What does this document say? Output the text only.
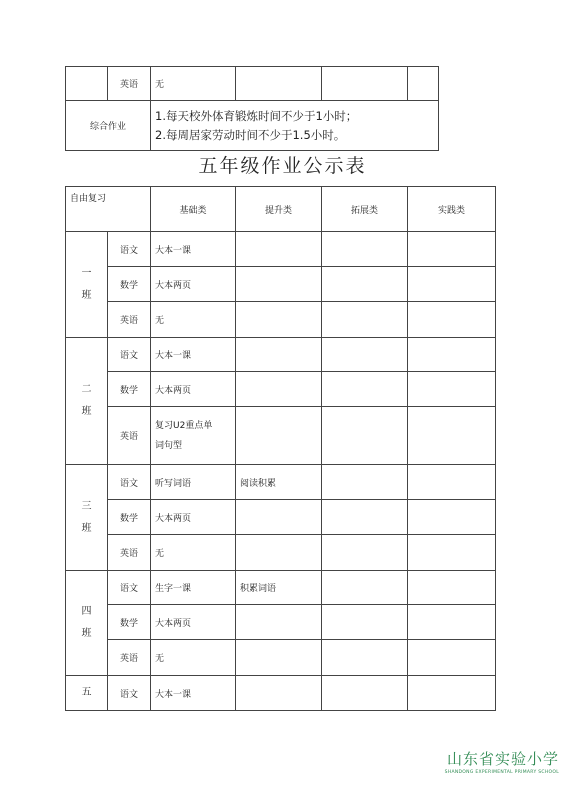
	英语	无			
综合作业		1.每天校外体育锻炼时间不少于1小时；
2.每周居家劳动时间不少于1.5小时。			
五年级作业公示表
自由复习		基础类	提升类	拓展类	实践类

一
班	语文	大本一课			
	数学	大本两页			
	英语	无			

二
班	语文	大本一课			
	数学	大本两页			
	英语	复习U2重点单
词句型			

三
班	语文	听写词语	阅读积累		
	数学	大本两页			
	英语	无			

四
班	语文	生字一课	积累词语		
	数学	大本两页			
	英语	无			

五	语文	大本一课			
山东省实验小学
SHANDONG EXPERIMENTAL PRIMARY SCHOOL
